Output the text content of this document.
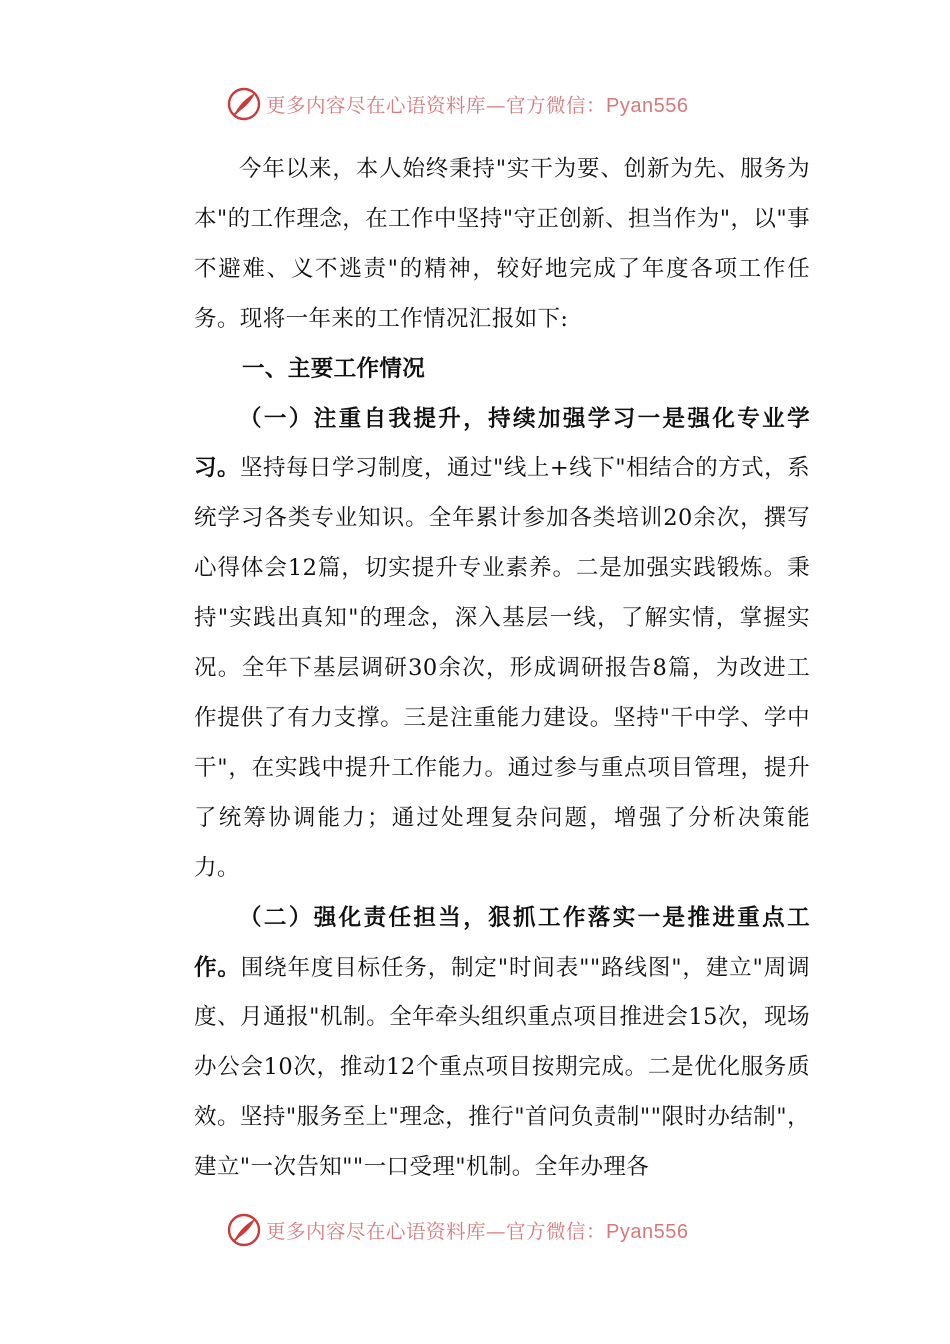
更多内容尽在心语资料库—官方微信：Pyan556

今年以来，本人始终秉持"实干为要、创新为先、服务为本"的工作理念，在工作中坚持"守正创新、担当作为"，以"事不避难、义不逃责"的精神，较好地完成了年度各项工作任务。现将一年来的工作情况汇报如下:

一、主要工作情况

（一）注重自我提升，持续加强学习一是强化专业学习。坚持每日学习制度，通过"线上+线下"相结合的方式，系统学习各类专业知识。全年累计参加各类培训20余次，撰写心得体会12篇，切实提升专业素养。二是加强实践锻炼。秉持"实践出真知"的理念，深入基层一线，了解实情，掌握实况。全年下基层调研30余次，形成调研报告8篇，为改进工作提供了有力支撑。三是注重能力建设。坚持"干中学、学中干"，在实践中提升工作能力。通过参与重点项目管理，提升了统筹协调能力；通过处理复杂问题，增强了分析决策能力。

（二）强化责任担当，狠抓工作落实一是推进重点工作。围绕年度目标任务，制定"时间表""路线图"，建立"周调度、月通报"机制。全年牵头组织重点项目推进会15次，现场办公会10次，推动12个重点项目按期完成。二是优化服务质效。坚持"服务至上"理念，推行"首问负责制""限时办结制"，建立"一次告知""一口受理"机制。全年办理各

更多内容尽在心语资料库—官方微信：Pyan556
